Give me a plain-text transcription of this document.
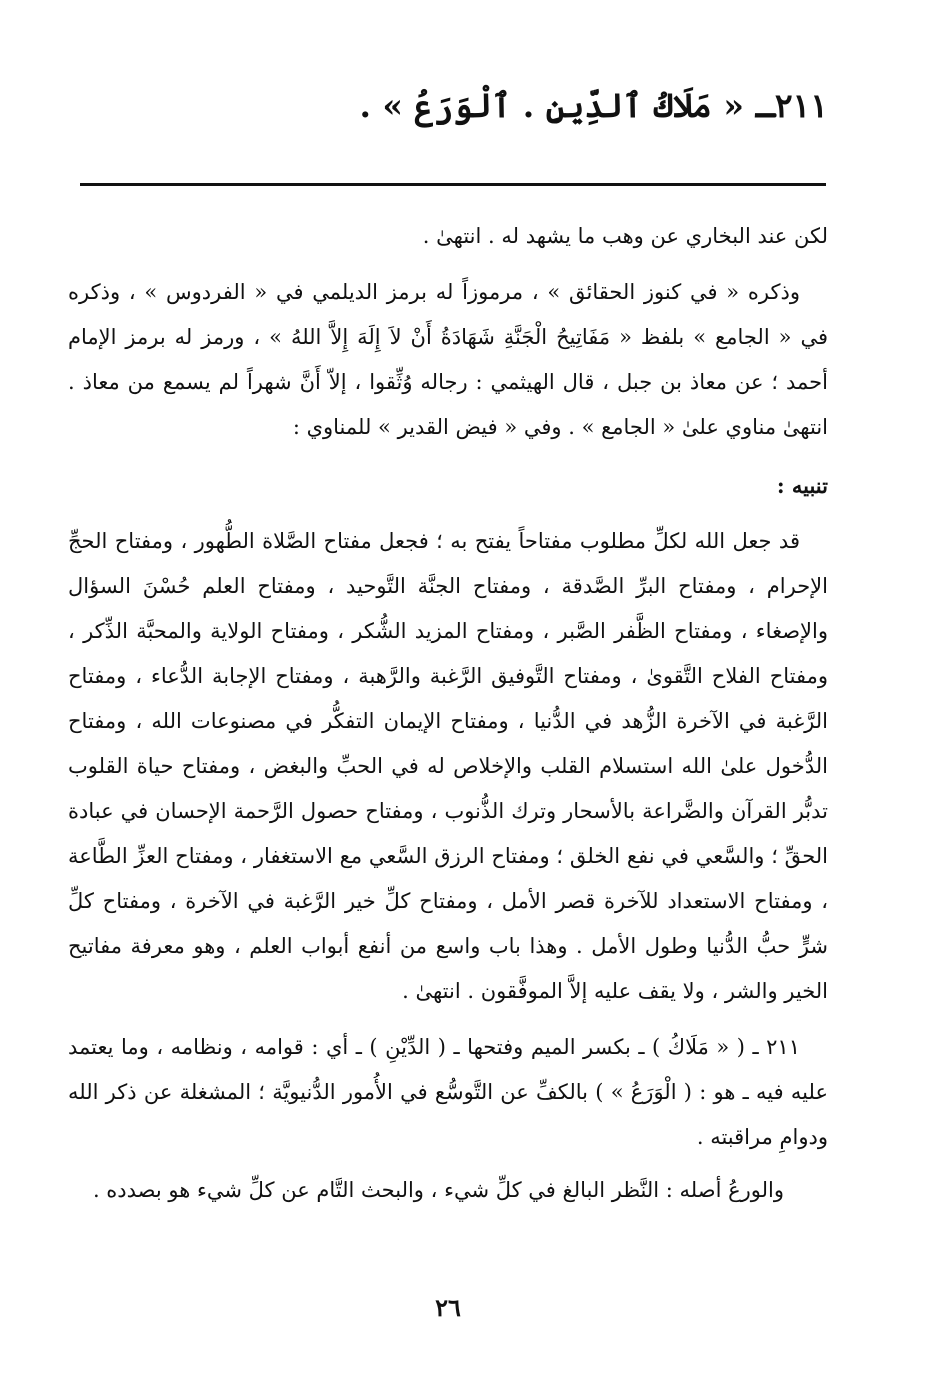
٢١١ـ « مَلَاكُ ٱلدِّينِ . ٱلْوَرَعُ » .

لكن عند البخاري عن وهب ما يشهد له . انتهىٰ .

وذكره « في كنوز الحقائق » ، مرموزاً له برمز الديلمي في « الفردوس » ، وذكره في « الجامع » بلفظ « مَفَاتِيحُ الْجَنَّةِ شَهَادَةُ أَنْ لاَ إِلَهَ إِلاَّ اللهُ » ، ورمز له برمز الإمام أحمد ؛ عن معاذ بن جبل ، قال الهيثمي : رجاله وُثِّقوا ، إلاّ أَنَّ شهراً لم يسمع من معاذ . انتهىٰ مناوي علىٰ « الجامع » . وفي « فيض القدير » للمناوي :

تنبيه :

قد جعل الله لكلِّ مطلوب مفتاحاً يفتح به ؛ فجعل مفتاح الصَّلاة الطُّهور ، ومفتاح الحجِّ الإحرام ، ومفتاح البرِّ الصَّدقة ، ومفتاح الجنَّة التَّوحيد ، ومفتاح العلم حُسْنَ السؤال والإصغاء ، ومفتاح الظَّفر الصَّبر ، ومفتاح المزيد الشُّكر ، ومفتاح الولاية والمحبَّة الذِّكر ، ومفتاح الفلاح التَّقوىٰ ، ومفتاح التَّوفيق الرَّغبة والرَّهبة ، ومفتاح الإجابة الدُّعاء ، ومفتاح الرَّغبة في الآخرة الزُّهد في الدُّنيا ، ومفتاح الإيمان التفكُّر في مصنوعات الله ، ومفتاح الدُّخول علىٰ الله استسلام القلب والإخلاص له في الحبِّ والبغض ، ومفتاح حياة القلوب تدبُّر القرآن والضَّراعة بالأسحار وترك الذُّنوب ، ومفتاح حصول الرَّحمة الإحسان في عبادة الحقِّ ؛ والسَّعي في نفع الخلق ؛ ومفتاح الرزق السَّعي مع الاستغفار ، ومفتاح العزِّ الطَّاعة ، ومفتاح الاستعداد للآخرة قصر الأمل ، ومفتاح كلِّ خير الرَّغبة في الآخرة ، ومفتاح كلِّ شرٍّ حبُّ الدُّنيا وطول الأمل . وهذا باب واسع من أنفع أبواب العلم ، وهو معرفة مفاتيح الخير والشر ، ولا يقف عليه إلاَّ الموفَّقون . انتهىٰ .

٢١١ ـ ( « مَلَاكُ ) ـ بكسر الميم وفتحها ـ ( الدِّيْنِ ) ـ أي : قوامه ، ونظامه ، وما يعتمد عليه فيه ـ هو : ( الْوَرَعُ » ) بالكفِّ عن التَّوسُّع في الأُمور الدُّنيويَّة ؛ المشغلة عن ذكر الله ودوامِ مراقبته .

والورعُ أصله : النَّظر البالغ في كلِّ شيء ، والبحث التَّام عن كلِّ شيء هو بصدده .

٢٦
